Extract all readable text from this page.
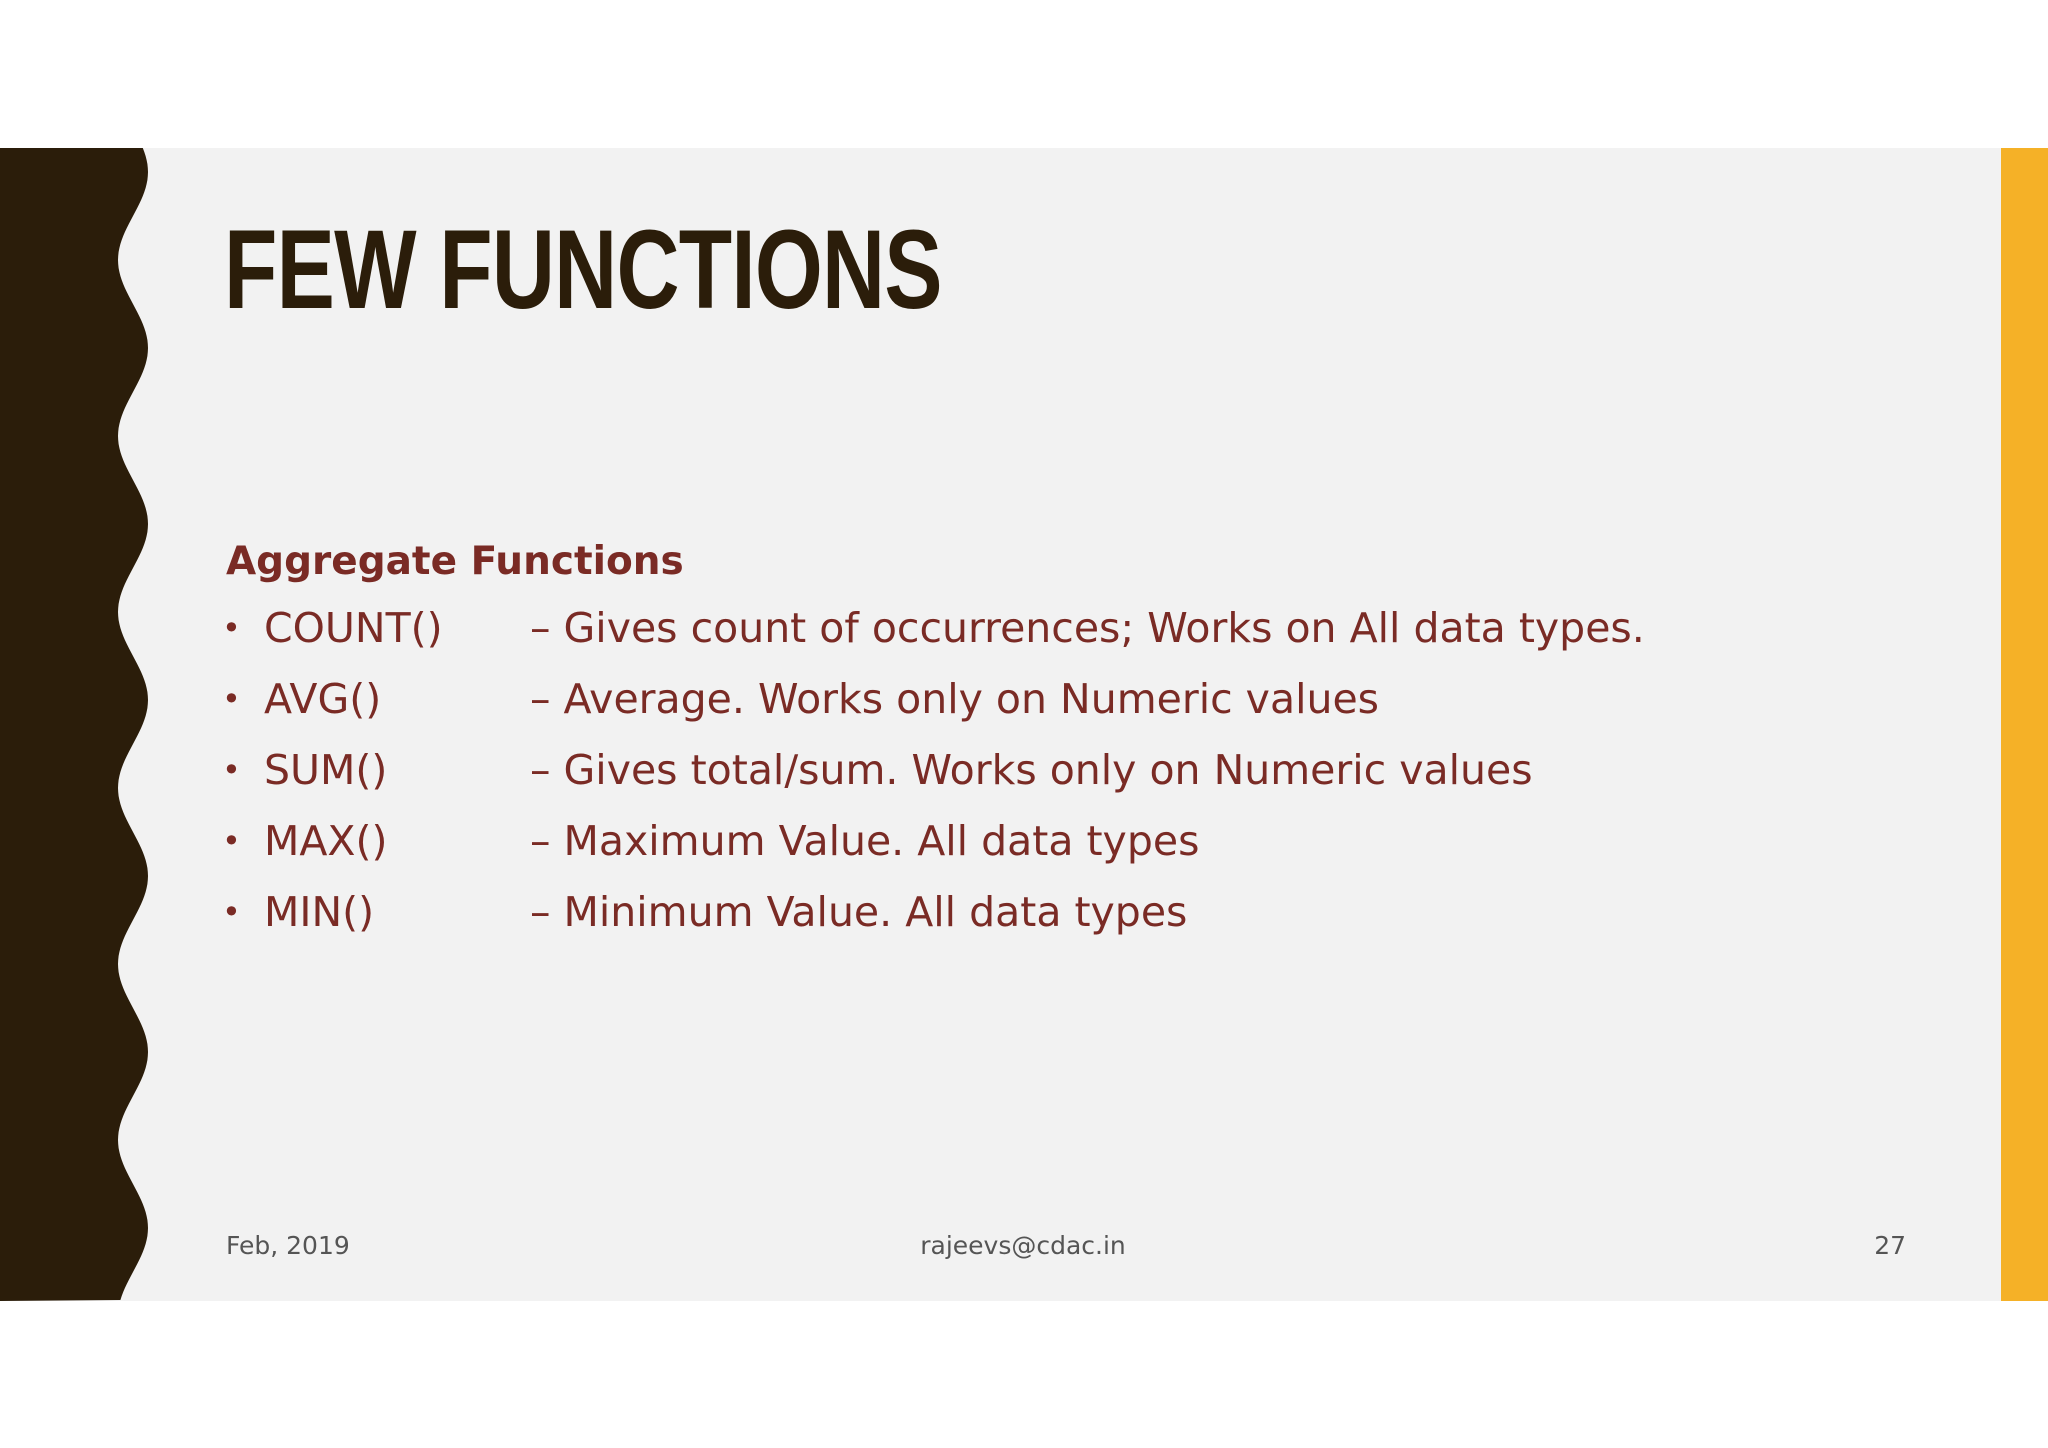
FEW FUNCTIONS
Aggregate Functions
• COUNT() – Gives count of occurrences; Works on All data types.
• AVG()	– Average. Works only on Numeric values
• SUM()	– Gives total/sum. Works only on Numeric values
• MAX()	– Maximum Value. All data types
• MIN()	– Minimum Value. All data types
Feb, 2019	rajeevs@cdac.in	27
